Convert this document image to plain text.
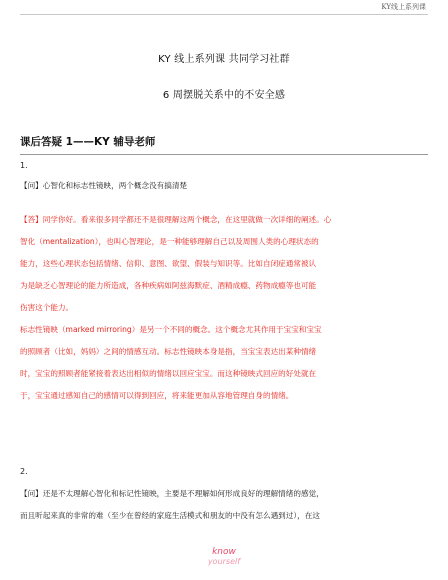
KY线上系列课
KY 线上系列课 共同学习社群
6 周摆脱关系中的不安全感
课后答疑 1——KY 辅导老师
1.
【问】心智化和标志性镜映，两个概念没有搞清楚
【答】同学你好。看来很多同学都还不是很理解这两个概念，在这里就做一次详细的阐述。心
智化（mentalization），也叫心智理论，是一种能够理解自己以及周围人类的心理状态的
能力，这些心理状态包括情绪、信仰、意图、欲望、假装与知识等。比如自闭症通常被认
为是缺乏心智理论的能力所造成，各种疾病如阿兹海默症、酒精成瘾、药物成瘾等也可能
伤害这个能力。
标志性镜映（marked mirroring）是另一个不同的概念。这个概念尤其作用于宝宝和宝宝
的照顾者（比如，妈妈）之间的情感互动。标志性镜映本身是指，当宝宝表达出某种情绪
时，宝宝的照顾者能紧接着表达出相似的情绪以回应宝宝。而这种镜映式回应的好处就在
于，宝宝通过感知自己的感情可以得到回应，将来能更加从容地管理自身的情绪。
2.
【问】还是不太理解心智化和标记性镜映，主要是不理解如何形成良好的理解情绪的感觉，
而且听起来真的非常的难（至少在曾经的家庭生活模式和朋友的中没有怎么遇到过），在这
know
yourself
